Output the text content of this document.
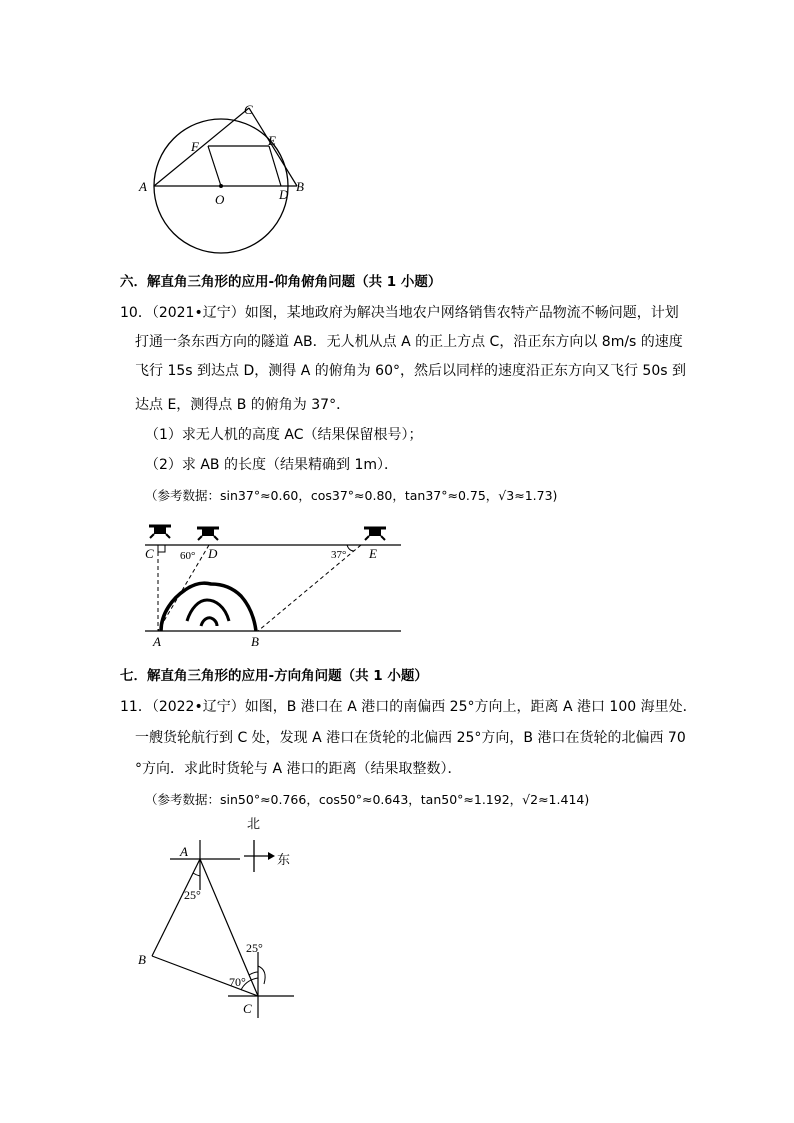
A	B
C
D
E
F
O
六．解直角三角形的应用-仰角俯角问题（共 1 小题）
10．（2021•辽宁）如图，某地政府为解决当地农户网络销售农特产品物流不畅问题，计划
打通一条东西方向的隧道 AB．无人机从点 A 的正上方点 C，沿正东方向以 8m/s 的速度
飞行 15s 到达点 D，测得 A 的俯角为 60°，然后以同样的速度沿正东方向又飞行 50s 到
达点 E，测得点 B 的俯角为 37°．
（1）求无人机的高度 AC（结果保留根号）；
（2）求 AB 的长度（结果精确到 1m）．
（参考数据：sin37°≈0.60，cos37°≈0.80，tan37°≈0.75，√3≈1.73)
C 60° D	37° E
A	B
七．解直角三角形的应用-方向角问题（共 1 小题）
11．（2022•辽宁）如图，B 港口在 A 港口的南偏西 25°方向上，距离 A 港口 100 海里处．
一艘货轮航行到 C 处，发现 A 港口在货轮的北偏西 25°方向，B 港口在货轮的北偏西 70
°方向．求此时货轮与 A 港口的距离（结果取整数）．
（参考数据：sin50°≈0.766，cos50°≈0.643，tan50°≈1.192，√2≈1.414)
北
东
A
B
C
25°
25°
70°
